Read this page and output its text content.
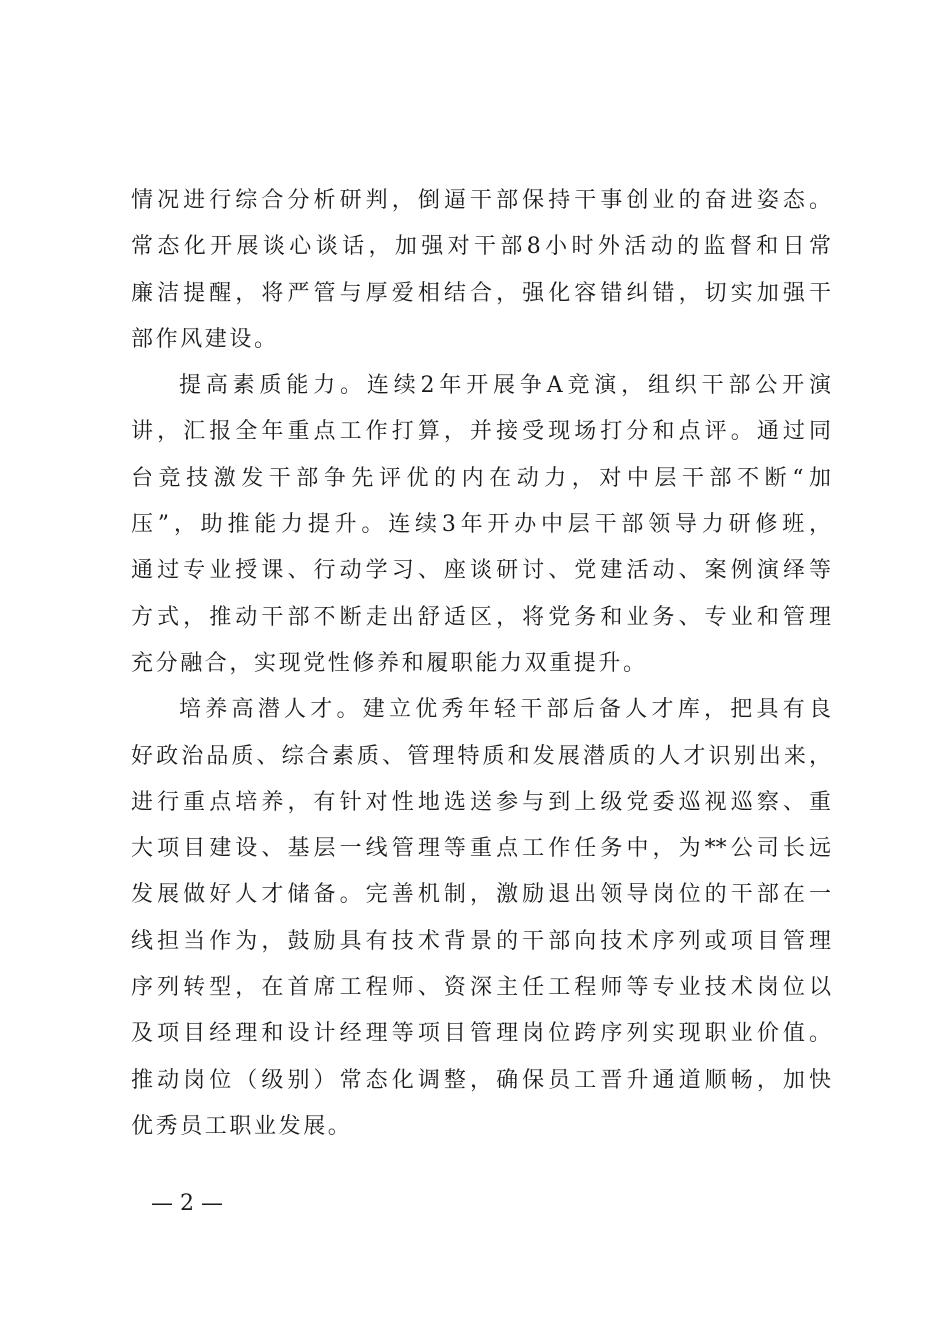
情况进行综合分析研判，倒逼干部保持干事创业的奋进姿态。
常态化开展谈心谈话，加强对干部8小时外活动的监督和日常
廉洁提醒，将严管与厚爱相结合，强化容错纠错，切实加强干
部作风建设。
提高素质能力。连续2年开展争A竞演，组织干部公开演
讲，汇报全年重点工作打算，并接受现场打分和点评。通过同
台竞技激发干部争先评优的内在动力，对中层干部不断“加
压”，助推能力提升。连续3年开办中层干部领导力研修班，
通过专业授课、行动学习、座谈研讨、党建活动、案例演绎等
方式，推动干部不断走出舒适区，将党务和业务、专业和管理
充分融合，实现党性修养和履职能力双重提升。
培养高潜人才。建立优秀年轻干部后备人才库，把具有良
好政治品质、综合素质、管理特质和发展潜质的人才识别出来，
进行重点培养，有针对性地选送参与到上级党委巡视巡察、重
大项目建设、基层一线管理等重点工作任务中，为**公司长远
发展做好人才储备。完善机制，激励退出领导岗位的干部在一
线担当作为，鼓励具有技术背景的干部向技术序列或项目管理
序列转型，在首席工程师、资深主任工程师等专业技术岗位以
及项目经理和设计经理等项目管理岗位跨序列实现职业价值。
推动岗位（级别）常态化调整，确保员工晋升通道顺畅，加快
优秀员工职业发展。
— 2 —
